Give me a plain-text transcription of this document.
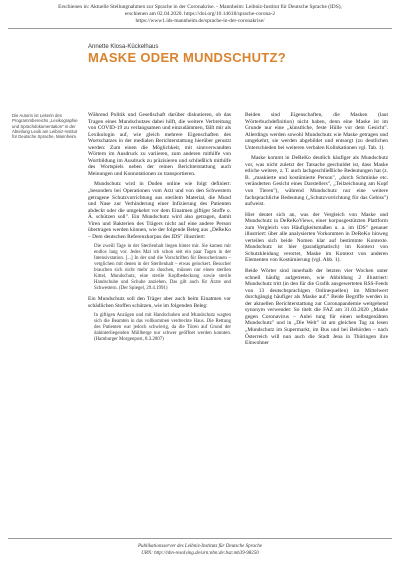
Erschienen in: Aktuelle Stellungnahmen zur Sprache in der Coronakrise. - Mannheim: Leibniz-Institut für Deutsche Sprache (IDS),
erschienen am 02.04.2020. https://doi.org/10.14618/sprache-corona-2
https://www1.ids-mannheim.de/sprache-in-der-coronakrise/
Annette Klosa-Kückelhaus
MASKE ODER MUNDSCHUTZ?
Die Autorin ist Leiterin des Programmbereichs „Lexikographie und Sprachdokumentation" in der Abteilung Lexik am Leibniz-Institut für Deutsche Sprache, Mannheim.

Während Politik und Gesellschaft darüber diskutieren, ob das Tragen eines Mundschutzes dabei hilft, die weitere Verbreitung von COVID-19 zu verlangsamen und einzudämmen, fällt mir als Lexikologin auf, wie gleich mehrere Eigenschaften des Wortschatzes in der medialen Berichterstattung hierüber genutzt werden: Zum einen die Möglichkeit, mit sinnverwandten Wörtern im Ausdruck zu variieren, zum anderen mithilfe von Wortbildung im Ausdruck zu präzisieren und schließlich mithilfe des Wortspiels neben der reinen Berichterstattung auch Meinungen und Konnotationen zu transportieren.

Mundschutz wird in Duden online wie folgt definiert: „besonders bei Operationen vom Arzt und von den Schwestern getragene Schutzvorrichtung aus sterilem Material, die Mund und Nase zur Verhinderung einer Infizierung des Patienten abdeckt oder die umgekehrt vor dem Einatmen giftiger Stoffe o. Ä. schützen soll". Ein Mundschutz wird also getragen, damit Viren und Bakterien des Trägers nicht auf eine andere Person übertragen werden können, wie der folgende Beleg aus „DeReKo – Dem deutschen Referenzkorpus des IDS" illustriert:

Die zweill Tage in der Sterilenhalt liegen hinter mir. Sie kamen mir endlos lang vor. Jedes Mal ich schon seit ein paar Tagen in der Intensivstation. [...] In der und die Vorschriften für Besucherinnen – verglichen mit denen in der Sterilenhalt – etwas gelockert. Besucher brauchen sich nicht mehr zu duschen, müssen nur einen sterilen Kittel, Mundschutz, eine sterile Kopfbedeckung sowie sterile Handschuhe und Schuhe anziehen. Das gilt auch für Ärzte und Schwestern. (Der Spiegel, 29.4.1991)

Ein Mundschutz soll den Träger aber auch beim Einatmen vor schädlichen Stoffen schützen, wie im folgenden Beleg:

In giftigen Anzügen und mit Handschuhen und Mundschutz wagten sich die Beamten in das vollkommen verdreckte Haus. Die Rettung des Patienten war jedoch schwierig, da die Türen auf Grund der dahinterliegenden Müllberge nur schwer geöffnet werden konnten. (Hamburger Morgenpost, 8.3.2007)

Beiden sind Eigenschaften, die Masken (laut Wörterbuchdefinition) nicht haben, denn eine Maske ist im Grunde nur eine „künstliche, feste Hülle vor dem Gesicht". Allerdings werden sowohl Mundschutz wie Maske getragen und umgekehrt, sie werden abgebildet und entsorgt (zu deutlichen Unterschieden bei weiteren verbalen Kollokationen vgl. Tab. 1).

Maske kommt in DeReKo deutlich häufiger als Mundschutz vor, was nicht zuletzt der Tatsache geschuldet ist, dass Maske etliche weitere, z. T. auch lachgeschließliche Bedeutungen hat (z. B. „maskierte und kostümierte Person", „durch Schminke etc. veränderten Gesicht eines Darstellers", „Teilzeichnung am Kopf von Tieren"), während Mundschutz nur eine weitere fachsprachliche Bedeutung („Schutzvorrichtung für das Gebiss") aufweist.

Hier deutet sich an, was der Vergleich von Maske und Mundschutz in DeReKoViews, einer korpusgestützten Plattform zum Vergleich von Häufigkeitsmaßen u. a. im IDS" genauer illustriert: über alle analysierten Vorkommen in DeReKo hinweg verteilen sich beide Nomen klar auf bestimmte Kontexte. Mundschutz ist hier (paradigmatisch) im Kontext von Schutzkleidung verortet, Maske im Kontext von anderen Elementen von Kostümierung (vgl. Abb. 1).

Beide Wörter sind innerhalb der letzten vier Wochen unter schnell häufig aufgetreten, wie Abbildung 2 illustriert: Mundschutz tritt (in den für die Grafik ausgewerteten RSS-Feeds von 13 deutschsprachigen Onlinequellen) im Mittelwert durchgängig häufiger als Maske auf.° Beide Begriffe werden in der aktuellen Berichterstattung zur Coronapandemie weitgehend synonym verwendet: So titelt die FAZ am 31.03.2020 „Maske gegen Coronavirus – Anlei tung für einen selbstgenähten Mundschutz" und in „Die Welt" ist am gleichen Tag zu lesen „Mundschutz im Supermarkt, im Bus und bei Behörden – nach Österreich will nun auch die Stadt Jena in Thüringen ihre Einwohner

Publikationsserver des Leibniz-Instituts für Deutsche Sprache
URN: http://nbn-resolving.de/urn:nbn:de:bsz:mh39-98250
